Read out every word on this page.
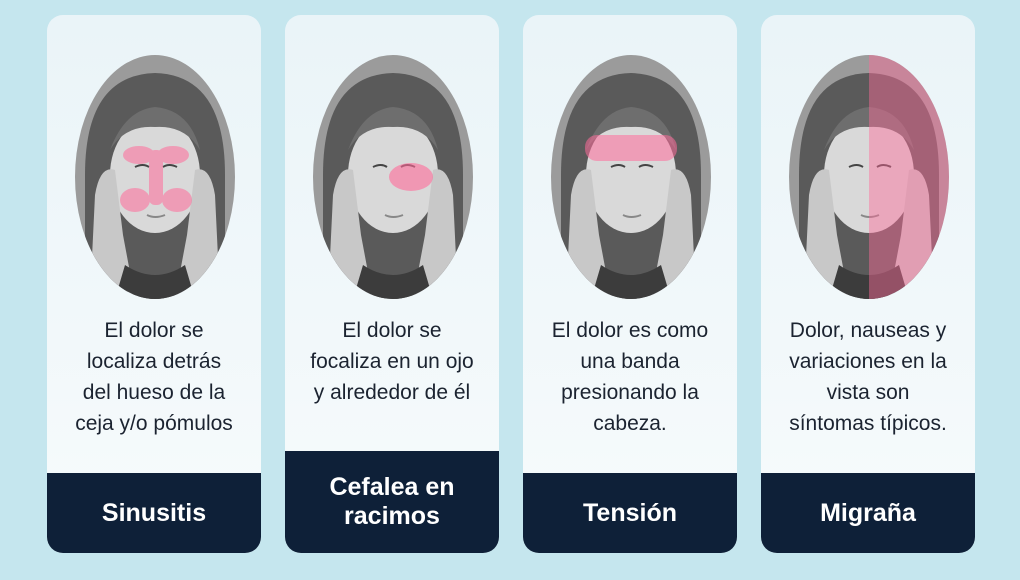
El dolor se
localiza detrás
del hueso de la
ceja y/o pómulos
Sinusitis
El dolor se
focaliza en un ojo
y alrededor de él
Cefalea en racimos
El dolor es como
una banda
presionando la
cabeza.
Tensión
Dolor, nauseas y
variaciones en la
vista son
síntomas típicos.
Migraña
